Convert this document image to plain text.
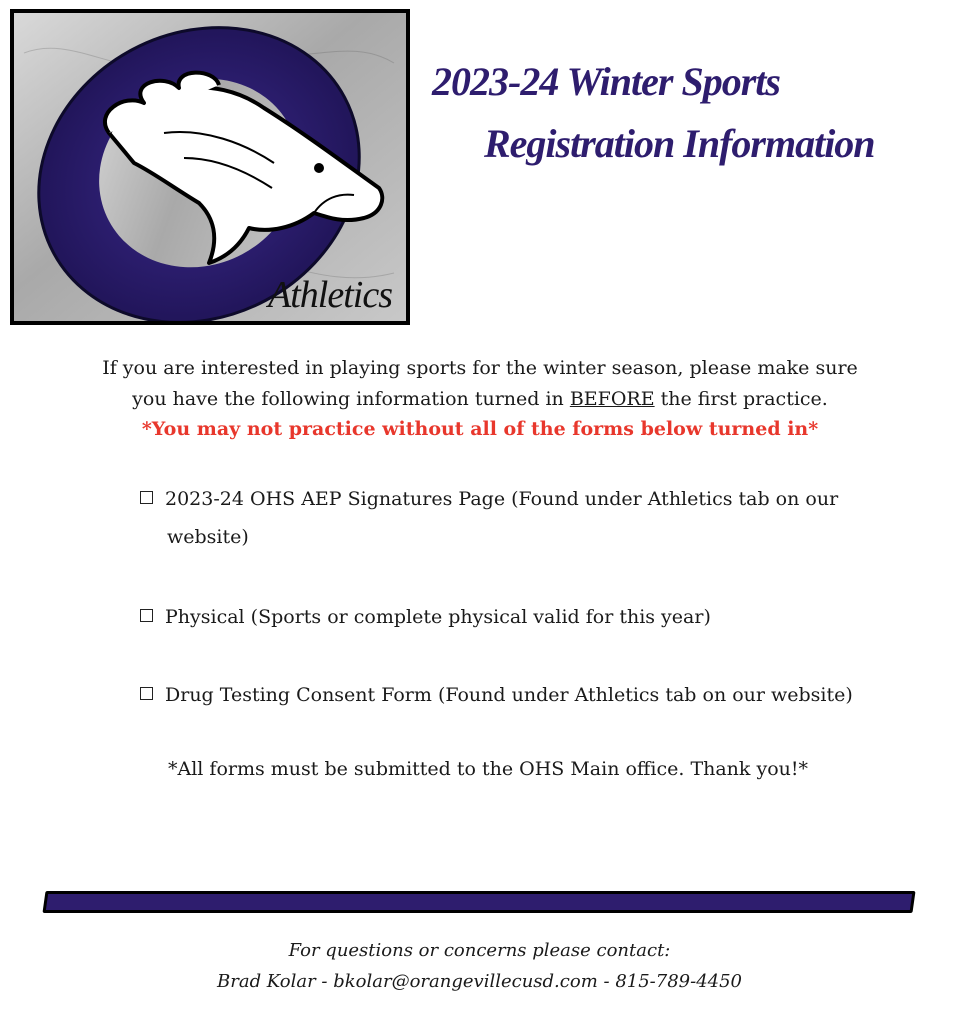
Athletics
2023-24 Winter Sports
Registration Information
If you are interested in playing sports for the winter season, please make sure
you have the following information turned in BEFORE the first practice.
*You may not practice without all of the forms below turned in*
2023-24 OHS AEP Signatures Page (Found under Athletics tab on our
website)
Physical (Sports or complete physical valid for this year)
Drug Testing Consent Form (Found under Athletics tab on our website)
*All forms must be submitted to the OHS Main office. Thank you!*
For questions or concerns please contact:
Brad Kolar - bkolar@orangevillecusd.com - 815-789-4450
